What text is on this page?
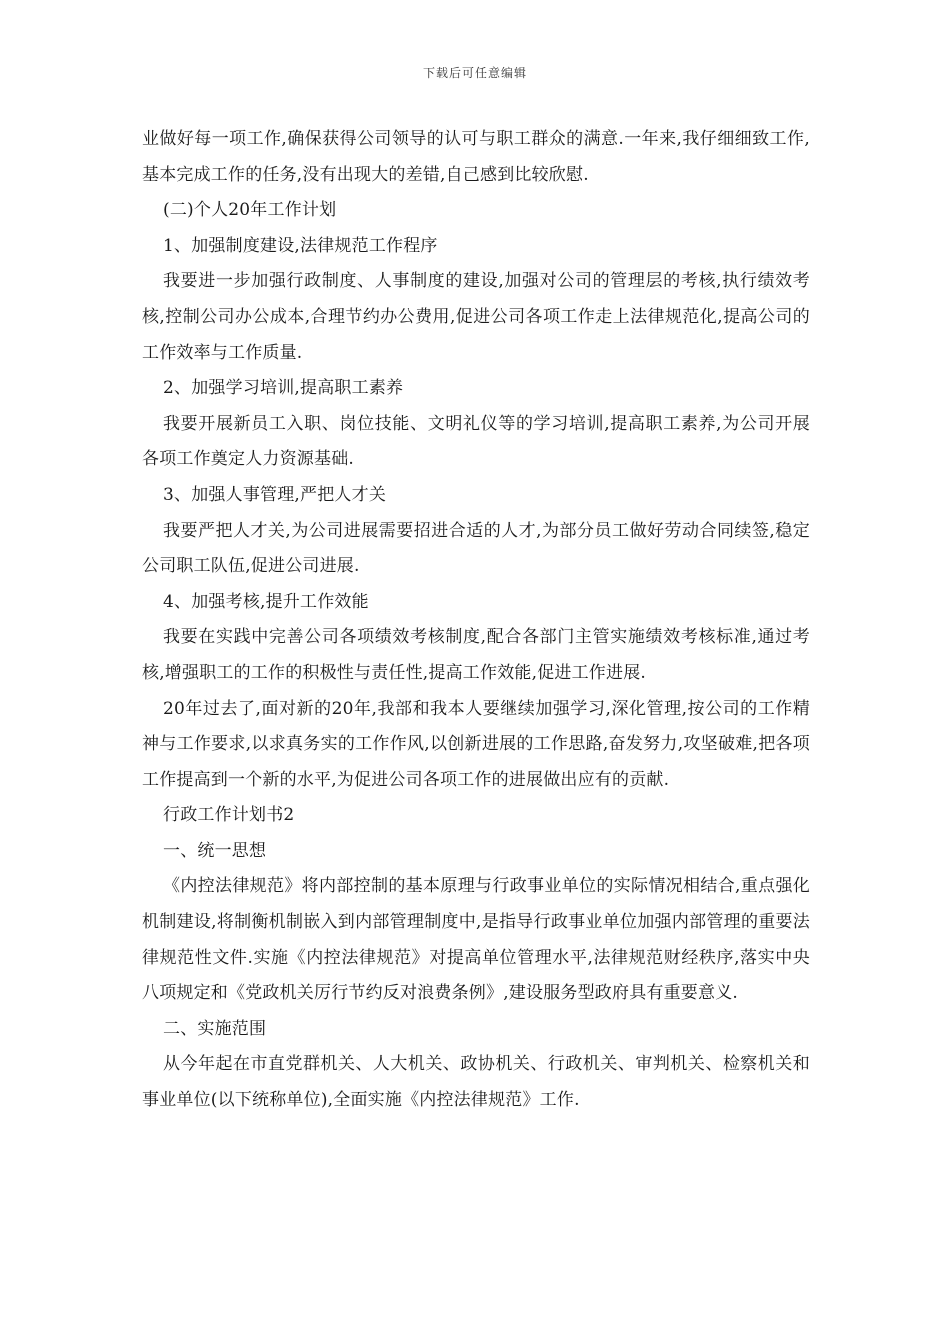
下载后可任意编辑

业做好每一项工作,确保获得公司领导的认可与职工群众的满意.一年来,我仔细细致工作,基本完成工作的任务,没有出现大的差错,自己感到比较欣慰.

(二)个人20年工作计划

1、加强制度建设,法律规范工作程序

我要进一步加强行政制度、人事制度的建设,加强对公司的管理层的考核,执行绩效考核,控制公司办公成本,合理节约办公费用,促进公司各项工作走上法律规范化,提高公司的工作效率与工作质量.

2、加强学习培训,提高职工素养

我要开展新员工入职、岗位技能、文明礼仪等的学习培训,提高职工素养,为公司开展各项工作奠定人力资源基础.

3、加强人事管理,严把人才关

我要严把人才关,为公司进展需要招进合适的人才,为部分员工做好劳动合同续签,稳定公司职工队伍,促进公司进展.

4、加强考核,提升工作效能

我要在实践中完善公司各项绩效考核制度,配合各部门主管实施绩效考核标准,通过考核,增强职工的工作的积极性与责任性,提高工作效能,促进工作进展.

20年过去了,面对新的20年,我部和我本人要继续加强学习,深化管理,按公司的工作精神与工作要求,以求真务实的工作作风,以创新进展的工作思路,奋发努力,攻坚破难,把各项工作提高到一个新的水平,为促进公司各项工作的进展做出应有的贡献.

行政工作计划书2

一、统一思想

《内控法律规范》将内部控制的基本原理与行政事业单位的实际情况相结合,重点强化机制建设,将制衡机制嵌入到内部管理制度中,是指导行政事业单位加强内部管理的重要法律规范性文件.实施《内控法律规范》对提高单位管理水平,法律规范财经秩序,落实中央八项规定和《党政机关厉行节约反对浪费条例》,建设服务型政府具有重要意义.

二、实施范围

从今年起在市直党群机关、人大机关、政协机关、行政机关、审判机关、检察机关和事业单位(以下统称单位),全面实施《内控法律规范》工作.
